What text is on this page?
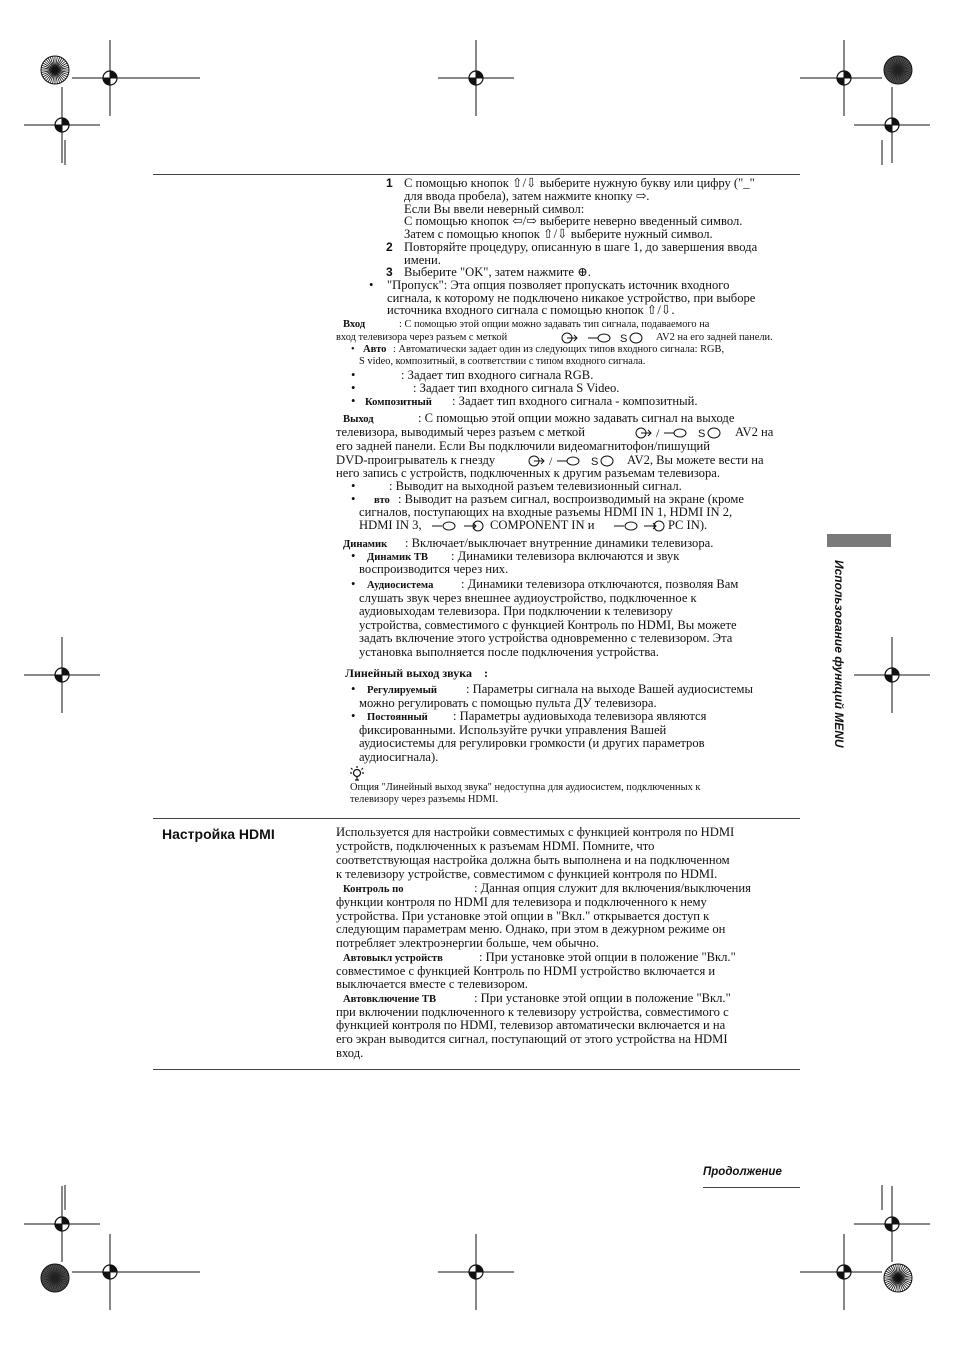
Использование функций MENU
1 С помощью кнопок ⇧/⇩ выберите нужную букву или цифру ("_"
для ввода пробела), затем нажмите кнопку ⇨.
Если Вы ввели неверный символ:
С помощью кнопок ⇦/⇨ выберите неверно введенный символ.
Затем с помощью кнопок ⇧/⇩ выберите нужный символ.
2 Повторяйте процедуру, описанную в шаге 1, до завершения ввода
имени.
3 Выберите "OK", затем нажмите ⊕.
• "Пропуск": Эта опция позволяет пропускать источник входного
сигнала, к которому не подключено никакое устройство, при выборе
источника входного сигнала с помощью кнопок ⇧/⇩.
Вход	: С помощью этой опции можно задавать тип сигнала, подаваемого на
вход телевизора через разъем с меткой	S	AV2 на его задней панели.
• Авто : Автоматически задает один из следующих типов входного сигнала: RGB,
S video, композитный, в соответствии с типом входного сигнала.
•	: Задает тип входного сигнала RGB.
•	: Задает тип входного сигнала S Video.
• Композитный : Задает тип входного сигнала - композитный.
Выход	: С помощью этой опции можно задавать сигнал на выходе
телевизора, выводимый через разъем с меткой	/	S AV2 на
его задней панели. Если Вы подключили видеомагнитофон/пишущий
DVD-проигрыватель к гнезду	/	S AV2, Вы можете вести на
него запись с устройств, подключенных к другим разъемам телевизора.
•	: Выводит на выходной разъем телевизионный сигнал.
• вто : Выводит на разъем сигнал, воспроизводимый на экране (кроме
сигналов, поступающих на входные разъемы HDMI IN 1, HDMI IN 2,
HDMI IN 3,	COMPONENT IN и	PC IN).
Динамик : Включает/выключает внутренние динамики телевизора.
• Динамик ТВ : Динамики телевизора включаются и звук
воспроизводится через них.
• Аудиосистема : Динамики телевизора отключаются, позволяя Вам
слушать звук через внешнее аудиоустройство, подключенное к
аудиовыходам телевизора. При подключении к телевизору
устройства, совместимого с функцией Контроль по HDMI, Вы можете
задать включение этого устройства одновременно с телевизором. Эта
установка выполняется после подключения устройства.
Линейный выход звука :
• Регулируемый : Параметры сигнала на выходе Вашей аудиосистемы
можно регулировать с помощью пульта ДУ телевизора.
• Постоянный : Параметры аудиовыхода телевизора являются
фиксированными. Используйте ручки управления Вашей
аудиосистемы для регулировки громкости (и других параметров
аудиосигнала).
Опция "Линейный выход звука" недоступна для аудиосистем, подключенных к
телевизору через разъемы HDMI.
Настройка HDMI	Используется для настройки совместимых с функцией контроля по HDMI
устройств, подключенных к разъемам HDMI. Помните, что
соответствующая настройка должна быть выполнена и на подключенном
к телевизору устройстве, совместимом с функцией контроля по HDMI.
Контроль по	: Данная опция служит для включения/выключения
функции контроля по HDMI для телевизора и подключенного к нему
устройства. При установке этой опции в "Вкл." открывается доступ к
следующим параметрам меню. Однако, при этом в дежурном режиме он
потребляет электроэнергии больше, чем обычно.
Автовыкл устройств	: При установке этой опции в положение "Вкл."
совместимое с функцией Контроль по HDMI устройство включается и
выключается вместе с телевизором.
Автовключение ТВ	: При установке этой опции в положение "Вкл."
при включении подключенного к телевизору устройства, совместимого с
функцией контроля по HDMI, телевизор автоматически включается и на
его экран выводится сигнал, поступающий от этого устройства на HDMI
вход.
Продолжение
